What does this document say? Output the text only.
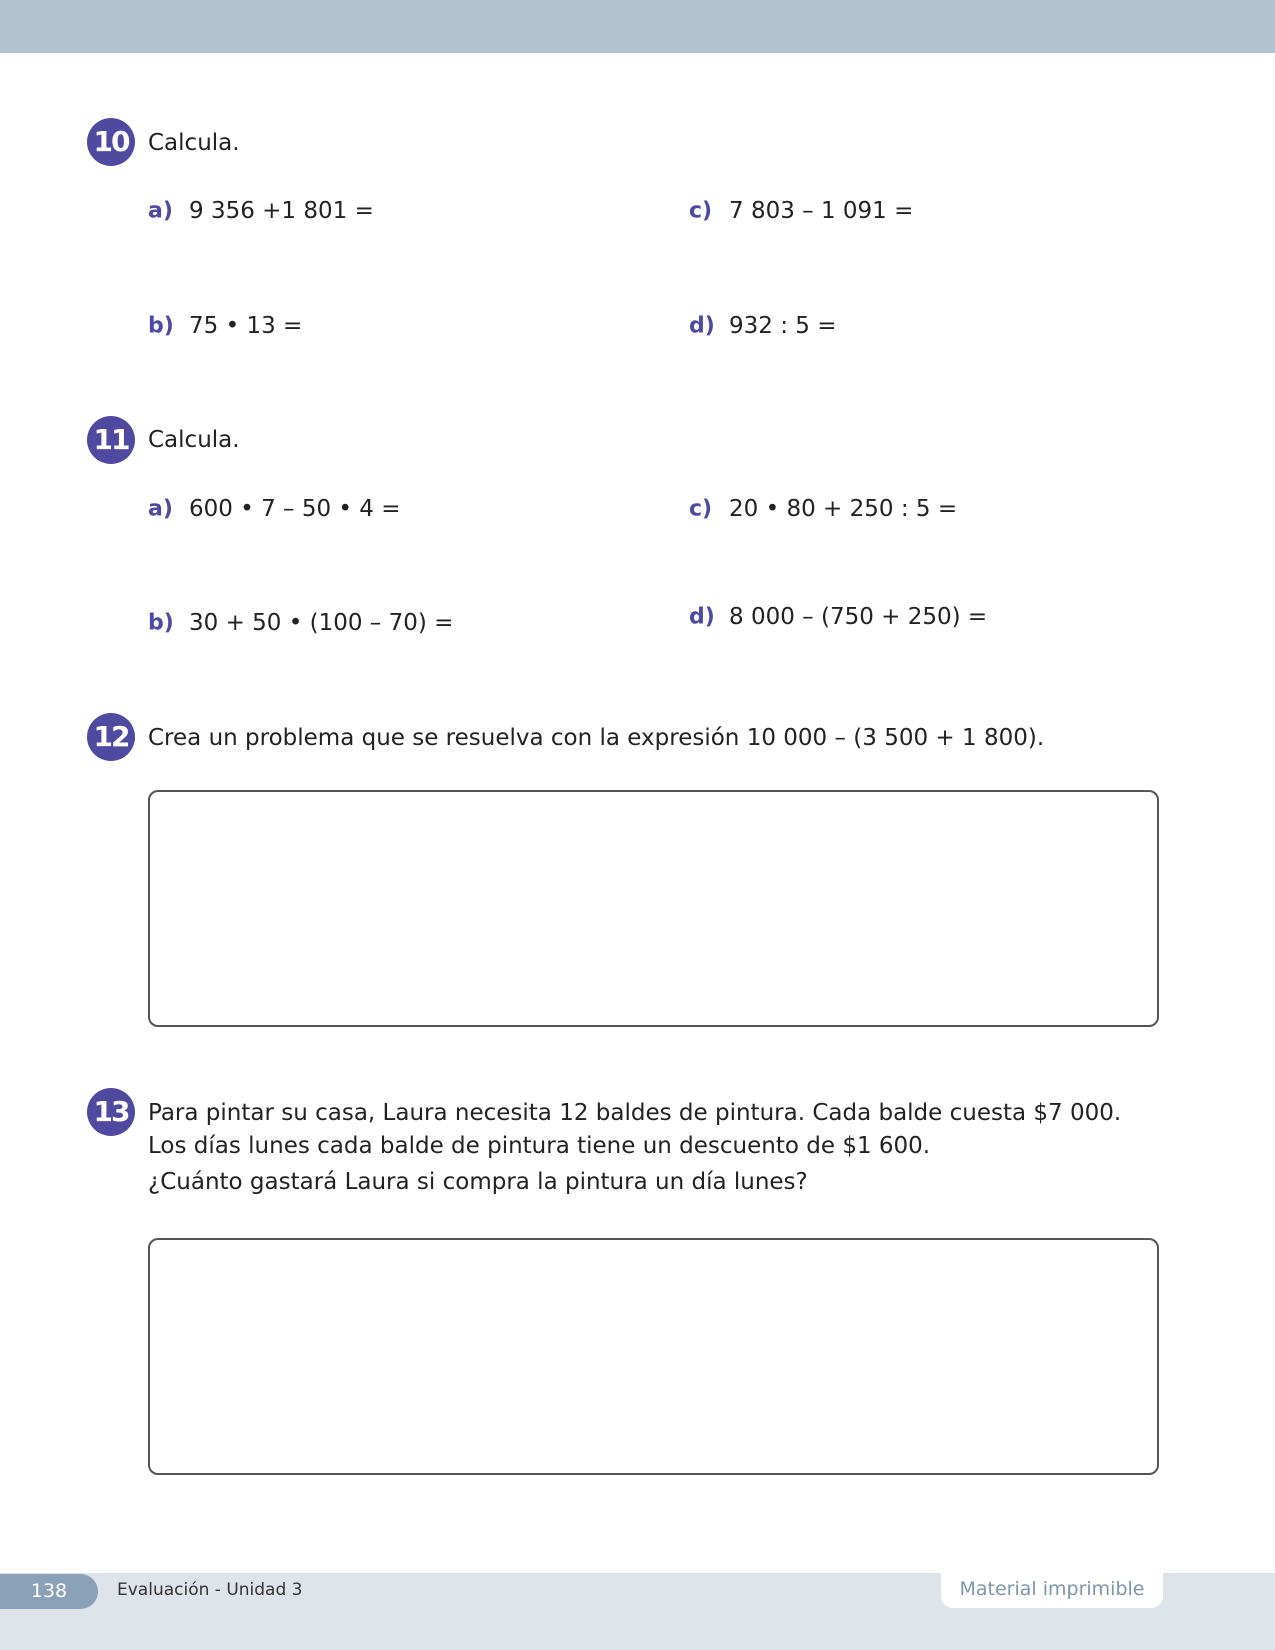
10 Calcula.
a) 9 356 +1 801 =
b) 75 • 13 =
c) 7 803 – 1 091 =
d) 932 : 5 =
11 Calcula.
a) 600 • 7 – 50 • 4 =
b) 30 + 50 • (100 – 70) =
c) 20 • 80 + 250 : 5 =
d) 8 000 – (750 + 250) =
12 Crea un problema que se resuelva con la expresión 10 000 – (3 500 + 1 800).
13 Para pintar su casa, Laura necesita 12 baldes de pintura. Cada balde cuesta $7 000.
Los días lunes cada balde de pintura tiene un descuento de $1 600.
¿Cuánto gastará Laura si compra la pintura un día lunes?
138	Evaluación - Unidad 3	Material imprimible
